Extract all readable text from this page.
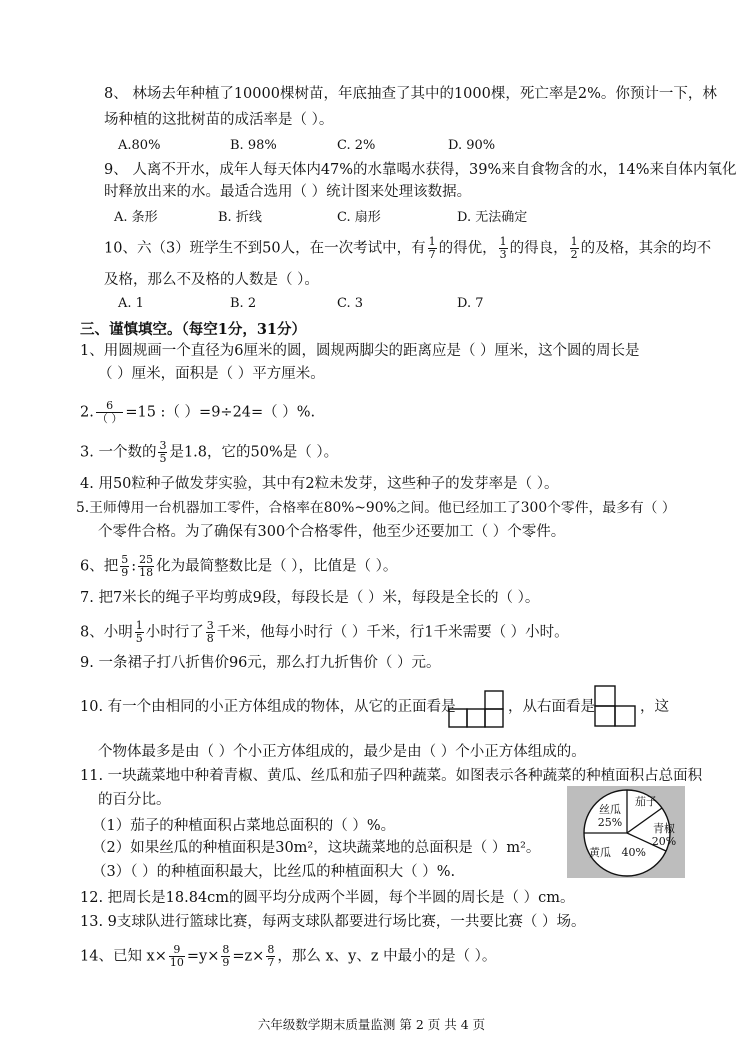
8、 林场去年种植了10000棵树苗，年底抽查了其中的1000棵，死亡率是2%。你预计一下，林
场种植的这批树苗的成活率是（ ）。
A.80%	B. 98%	C. 2%	D. 90%
9、 人离不开水，成年人每天体内47%的水靠喝水获得，39%来自食物含的水，14%来自体内氧化
时释放出来的水。最适合选用（ ）统计图来处理该数据。
A. 条形	B. 折线	C. 扇形	D. 无法确定
10、六（3）班学生不到50人，在一次考试中，有 $\frac{1}{7}$ 的得优， $\frac{1}{3}$ 的得良， $\frac{1}{2}$ 的及格，其余的均不
及格，那么不及格的人数是（ ）。
A. 1	B. 2	C. 3	D. 7
三、谨慎填空。（每空1分，31分）
1、用圆规画一个直径为6厘米的圆，圆规两脚尖的距离应是（ ）厘米，这个圆的周长是
（ ）厘米，面积是（ ）平方厘米。
2. $\frac{6}{( )} =15$ :（ ）=9÷24=（ ）%.
3. 一个数的 $\frac{3}{5}$ 是1.8，它的50%是（ ）。
4. 用50粒种子做发芽实验，其中有2粒未发芽，这些种子的发芽率是（ ）。
5.王师傅用一台机器加工零件，合格率在80%~90%之间。他已经加工了300个零件，最多有（ ）
个零件合格。为了确保有300个合格零件，他至少还要加工（ ）个零件。
6、把 $\frac{5}{9}$ : $\frac{25}{18}$ 化为最简整数比是（ ），比值是（ ）。
7. 把7米长的绳子平均剪成9段，每段长是（ ）米，每段是全长的（ ）。
8、小明 $\frac{1}{5}$ 小时行了 $\frac{3}{8}$ 千米，他每小时行（ ）千米，行1千米需要（ ）小时。
9. 一条裙子打八折售价96元，那么打九折售价（ ）元。
10. 有一个由相同的小正方体组成的物体，从它的正面看是	，从右面看是	，这
个物体最多是由（ ）个小正方体组成的，最少是由（ ）个小正方体组成的。
11. 一块蔬菜地中种着青椒、黄瓜、丝瓜和茄子四种蔬菜。如图表示各种蔬菜的种植面积占总面积
的百分比。
（1）茄子的种植面积占菜地总面积的（ ）%。
（2）如果丝瓜的种植面积是30m²，这块蔬菜地的总面积是（ ）m²。
（3）（ ）的种植面积最大，比丝瓜的种植面积大（ ）%.
丝瓜
25%
茄子
青椒
20%
黄瓜 40%
12. 把周长是18.84cm的圆平均分成两个半圆，每个半圆的周长是（ ）cm。
13. 9支球队进行篮球比赛，每两支球队都要进行场比赛，一共要比赛（ ）场。
14、已知 $x\times \frac{9}{10} =y\times \frac{8}{9} =z\times \frac{8}{7}$ ，那么 x、y、z 中最小的是（ ）。
六年级数学期末质量监测 第 2 页 共 4 页
